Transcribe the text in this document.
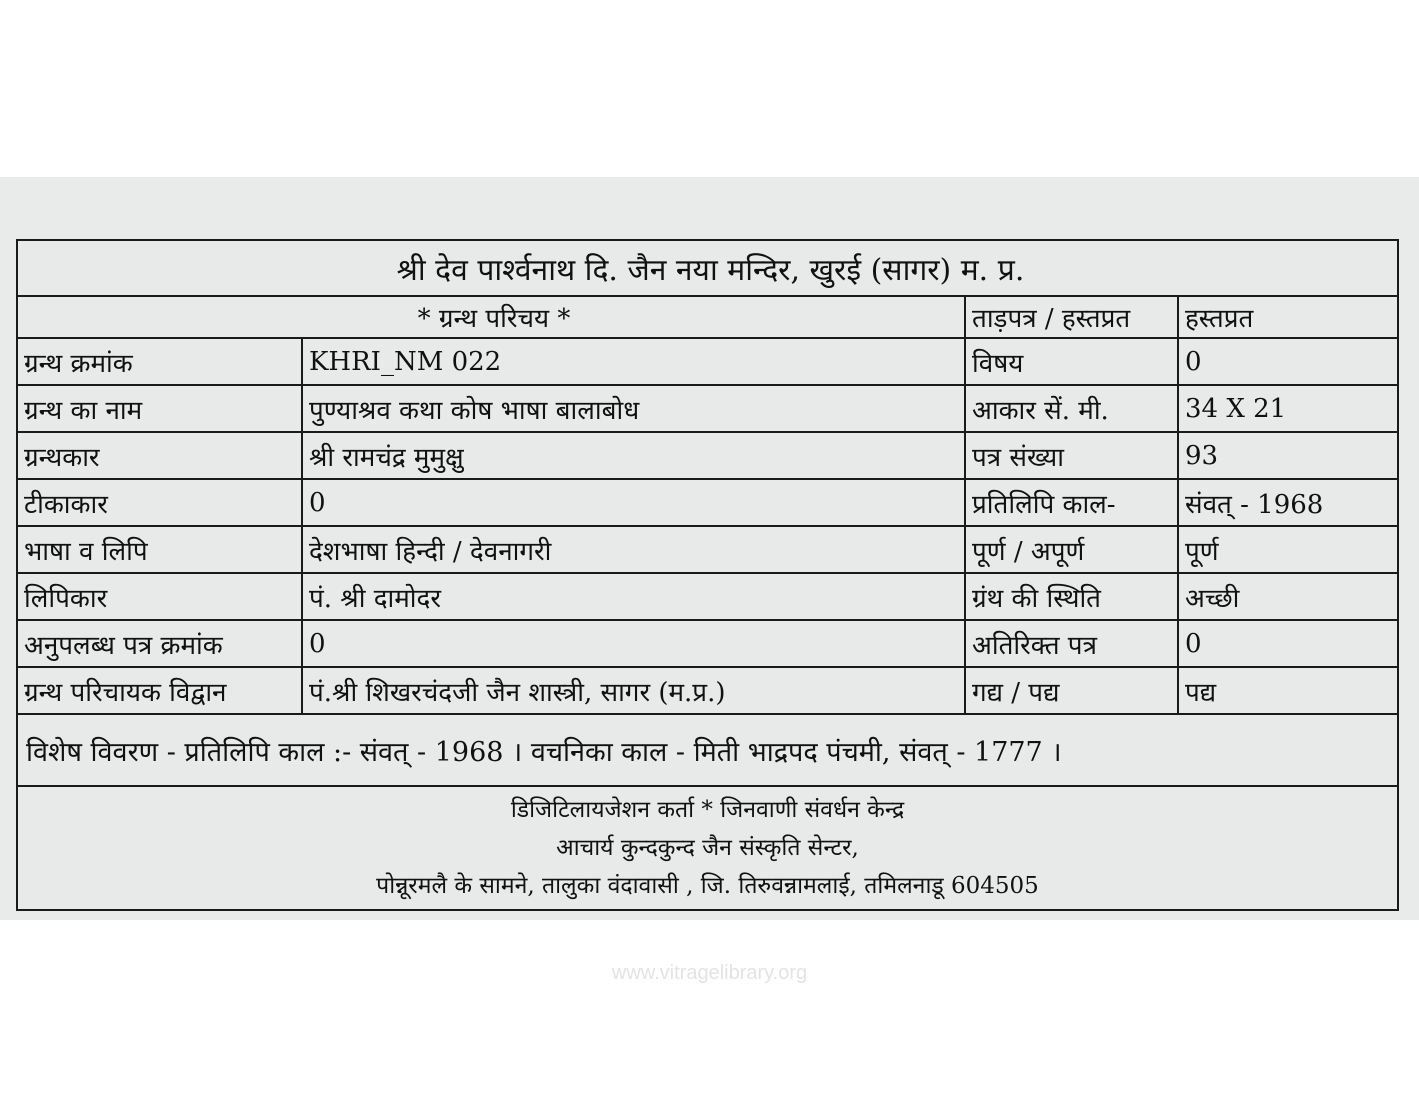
श्री देव पार्श्वनाथ दि. जैन नया मन्दिर, खुरई (सागर) म. प्र.
* ग्रन्थ परिचय *	ताड़पत्र / हस्तप्रत	हस्तप्रत
ग्रन्थ क्रमांक	KHRI_NM 022	विषय	0
ग्रन्थ का नाम	पुण्याश्रव कथा कोष भाषा बालाबोध	आकार सें. मी.	34 X 21
ग्रन्थकार	श्री रामचंद्र मुमुक्षु	पत्र संख्या	93
टीकाकार	0	प्रतिलिपि काल-	संवत् - 1968
भाषा व लिपि	देशभाषा हिन्दी / देवनागरी	पूर्ण / अपूर्ण	पूर्ण
लिपिकार	पं. श्री दामोदर	ग्रंथ की स्थिति	अच्छी
अनुपलब्ध पत्र क्रमांक	0	अतिरिक्त पत्र	0
ग्रन्थ परिचायक विद्वान	पं.श्री शिखरचंदजी जैन शास्त्री, सागर (म.प्र.)	गद्य / पद्य	पद्य
विशेष विवरण - प्रतिलिपि काल :- संवत् - 1968 । वचनिका काल - मिती भाद्रपद पंचमी, संवत् - 1777 ।
डिजिटिलायजेशन कर्ता * जिनवाणी संवर्धन केन्द्र
आचार्य कुन्दकुन्द जैन संस्कृति सेन्टर,
पोन्नूरमलै के सामने, तालुका वंदावासी , जि. तिरुवन्नामलाई, तमिलनाडू 604505
www.vitragelibrary.org
